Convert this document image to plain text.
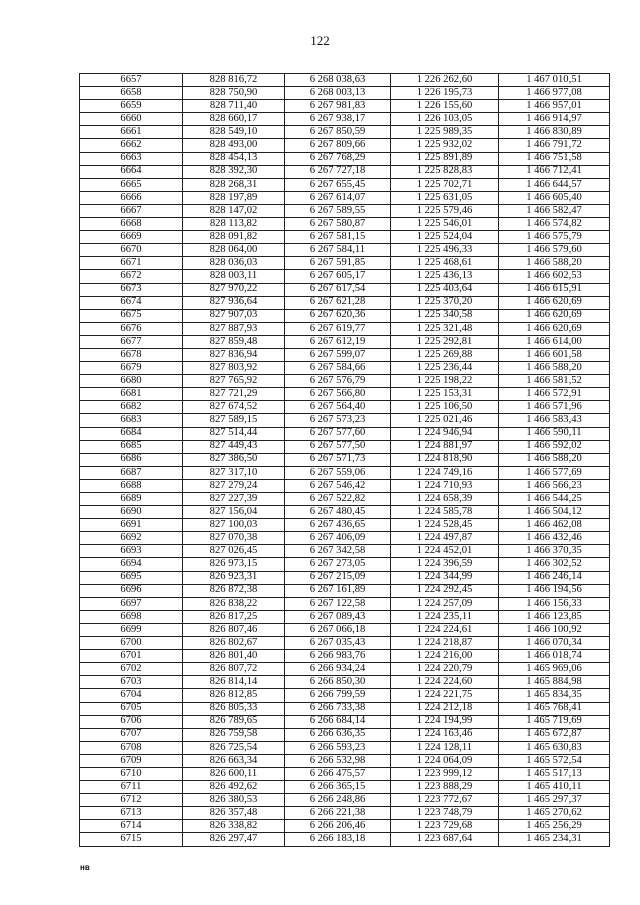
122
6657	828 816,72	6 268 038,63	1 226 262,60	1 467 010,51
6658	828 750,90	6 268 003,13	1 226 195,73	1 466 977,08
6659	828 711,40	6 267 981,83	1 226 155,60	1 466 957,01
6660	828 660,17	6 267 938,17	1 226 103,05	1 466 914,97
6661	828 549,10	6 267 850,59	1 225 989,35	1 466 830,89
6662	828 493,00	6 267 809,66	1 225 932,02	1 466 791,72
6663	828 454,13	6 267 768,29	1 225 891,89	1 466 751,58
6664	828 392,30	6 267 727,18	1 225 828,83	1 466 712,41
6665	828 268,31	6 267 655,45	1 225 702,71	1 466 644,57
6666	828 197,89	6 267 614,07	1 225 631,05	1 466 605,40
6667	828 147,02	6 267 589,55	1 225 579,46	1 466 582,47
6668	828 113,82	6 267 580,87	1 225 546,01	1 466 574,82
6669	828 091,82	6 267 581,15	1 225 524,04	1 466 575,79
6670	828 064,00	6 267 584,11	1 225 496,33	1 466 579,60
6671	828 036,03	6 267 591,85	1 225 468,61	1 466 588,20
6672	828 003,11	6 267 605,17	1 225 436,13	1 466 602,53
6673	827 970,22	6 267 617,54	1 225 403,64	1 466 615,91
6674	827 936,64	6 267 621,28	1 225 370,20	1 466 620,69
6675	827 907,03	6 267 620,36	1 225 340,58	1 466 620,69
6676	827 887,93	6 267 619,77	1 225 321,48	1 466 620,69
6677	827 859,48	6 267 612,19	1 225 292,81	1 466 614,00
6678	827 836,94	6 267 599,07	1 225 269,88	1 466 601,58
6679	827 803,92	6 267 584,66	1 225 236,44	1 466 588,20
6680	827 765,92	6 267 576,79	1 225 198,22	1 466 581,52
6681	827 721,29	6 267 566,80	1 225 153,31	1 466 572,91
6682	827 674,52	6 267 564,40	1 225 106,50	1 466 571,96
6683	827 589,15	6 267 573,23	1 225 021,46	1 466 583,43
6684	827 514,44	6 267 577,60	1 224 946,94	1 466 590,11
6685	827 449,43	6 267 577,50	1 224 881,97	1 466 592,02
6686	827 386,50	6 267 571,73	1 224 818,90	1 466 588,20
6687	827 317,10	6 267 559,06	1 224 749,16	1 466 577,69
6688	827 279,24	6 267 546,42	1 224 710,93	1 466 566,23
6689	827 227,39	6 267 522,82	1 224 658,39	1 466 544,25
6690	827 156,04	6 267 480,45	1 224 585,78	1 466 504,12
6691	827 100,03	6 267 436,65	1 224 528,45	1 466 462,08
6692	827 070,38	6 267 406,09	1 224 497,87	1 466 432,46
6693	827 026,45	6 267 342,58	1 224 452,01	1 466 370,35
6694	826 973,15	6 267 273,05	1 224 396,59	1 466 302,52
6695	826 923,31	6 267 215,09	1 224 344,99	1 466 246,14
6696	826 872,38	6 267 161,89	1 224 292,45	1 466 194,56
6697	826 838,22	6 267 122,58	1 224 257,09	1 466 156,33
6698	826 817,25	6 267 089,43	1 224 235,11	1 466 123,85
6699	826 807,46	6 267 066,18	1 224 224,61	1 466 100,92
6700	826 802,67	6 267 035,43	1 224 218,87	1 466 070,34
6701	826 801,40	6 266 983,76	1 224 216,00	1 466 018,74
6702	826 807,72	6 266 934,24	1 224 220,79	1 465 969,06
6703	826 814,14	6 266 850,30	1 224 224,60	1 465 884,98
6704	826 812,85	6 266 799,59	1 224 221,75	1 465 834,35
6705	826 805,33	6 266 733,38	1 224 212,18	1 465 768,41
6706	826 789,65	6 266 684,14	1 224 194,99	1 465 719,69
6707	826 759,58	6 266 636,35	1 224 163,46	1 465 672,87
6708	826 725,54	6 266 593,23	1 224 128,11	1 465 630,83
6709	826 663,34	6 266 532,98	1 224 064,09	1 465 572,54
6710	826 600,11	6 266 475,57	1 223 999,12	1 465 517,13
6711	826 492,62	6 266 365,15	1 223 888,29	1 465 410,11
6712	826 380,53	6 266 248,86	1 223 772,67	1 465 297,37
6713	826 357,48	6 266 221,38	1 223 748,79	1 465 270,62
6714	826 338,82	6 266 206,46	1 223 729,68	1 465 256,29
6715	826 297,47	6 266 183,18	1 223 687,64	1 465 234,31
нв
